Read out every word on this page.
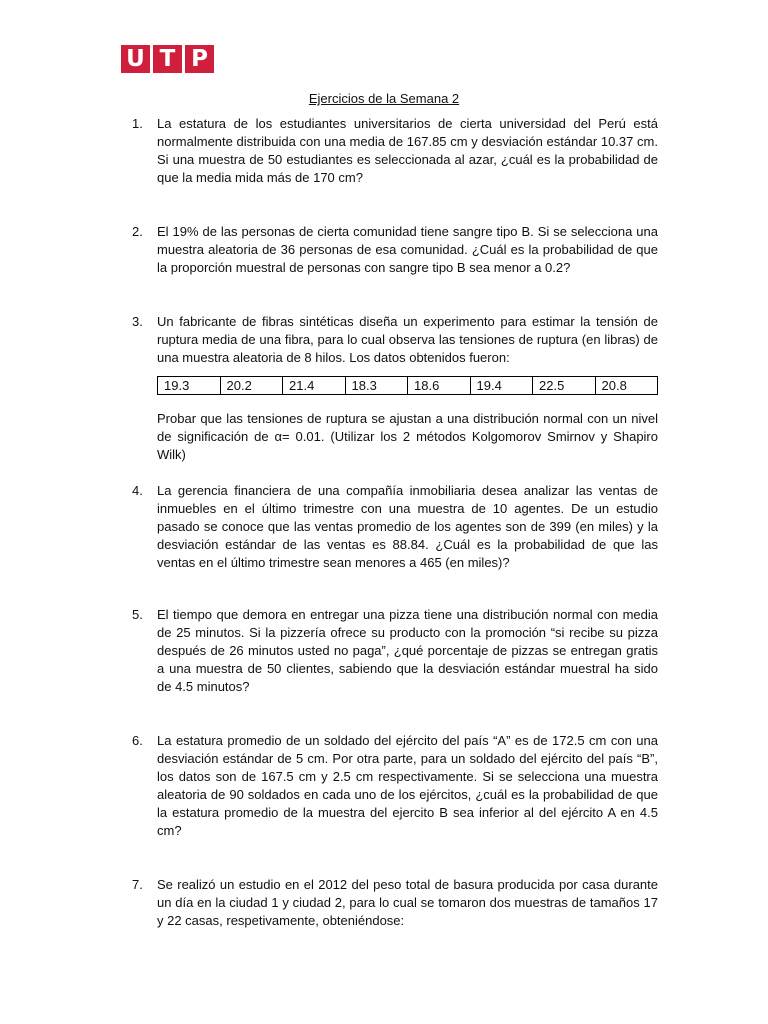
U T P
Ejercicios de la Semana 2
1. La estatura de los estudiantes universitarios de cierta universidad del Perú está normalmente distribuida con una media de 167.85 cm y desviación estándar 10.37 cm. Si una muestra de 50 estudiantes es seleccionada al azar, ¿cuál es la probabilidad de que la media mida más de 170 cm?
2. El 19% de las personas de cierta comunidad tiene sangre tipo B. Si se selecciona una muestra aleatoria de 36 personas de esa comunidad. ¿Cuál es la probabilidad de que la proporción muestral de personas con sangre tipo B sea menor a 0.2?
3. Un fabricante de fibras sintéticas diseña un experimento para estimar la tensión de ruptura media de una fibra, para lo cual observa las tensiones de ruptura (en libras) de una muestra aleatoria de 8 hilos. Los datos obtenidos fueron:
19.3	20.2	21.4	18.3	18.6	19.4	22.5	20.8
Probar que las tensiones de ruptura se ajustan a una distribución normal con un nivel de significación de α= 0.01. (Utilizar los 2 métodos Kolgomorov Smirnov y Shapiro Wilk)
4. La gerencia financiera de una compañía inmobiliaria desea analizar las ventas de inmuebles en el último trimestre con una muestra de 10 agentes. De un estudio pasado se conoce que las ventas promedio de los agentes son de 399 (en miles) y la desviación estándar de las ventas es 88.84. ¿Cuál es la probabilidad de que las ventas en el último trimestre sean menores a 465 (en miles)?
5. El tiempo que demora en entregar una pizza tiene una distribución normal con media de 25 minutos. Si la pizzería ofrece su producto con la promoción “si recibe su pizza después de 26 minutos usted no paga”, ¿qué porcentaje de pizzas se entregan gratis a una muestra de 50 clientes, sabiendo que la desviación estándar muestral ha sido de 4.5 minutos?
6. La estatura promedio de un soldado del ejército del país “A” es de 172.5 cm con una desviación estándar de 5 cm. Por otra parte, para un soldado del ejército del país “B”, los datos son de 167.5 cm y 2.5 cm respectivamente. Si se selecciona una muestra aleatoria de 90 soldados en cada uno de los ejércitos, ¿cuál es la probabilidad de que la estatura promedio de la muestra del ejercito B sea inferior al del ejército A en 4.5 cm?
7. Se realizó un estudio en el 2012 del peso total de basura producida por casa durante un día en la ciudad 1 y ciudad 2, para lo cual se tomaron dos muestras de tamaños 17 y 22 casas, respetivamente, obteniéndose:
